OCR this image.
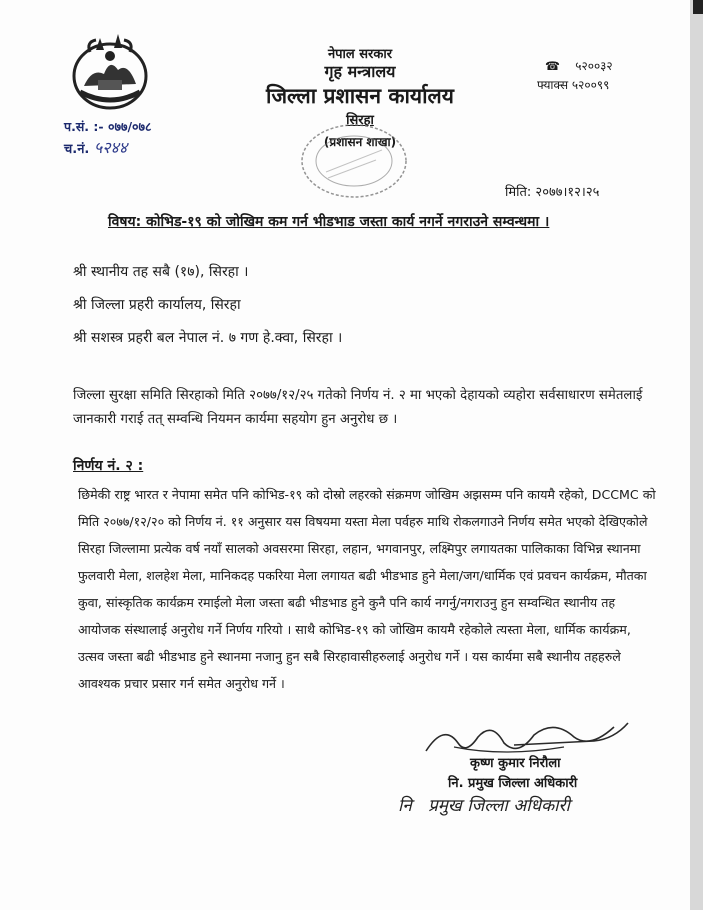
प.सं. :- ०७७/०७८
च.नं. ५२४४
नेपाल सरकार
गृह मन्त्रालय
जिल्ला प्रशासन कार्यालय
सिरहा
(प्रशासन शाखा)
☎ ५२००३२
फ्याक्स ५२००९९
मिति: २०७७।१२।२५
विषय: कोभिड-१९ को जोखिम कम गर्न भीडभाड जस्ता कार्य नगर्ने नगराउने सम्वन्धमा ।
श्री स्थानीय तह सबै (१७), सिरहा ।
श्री जिल्ला प्रहरी कार्यालय, सिरहा
श्री सशस्त्र प्रहरी बल नेपाल नं. ७ गण हे.क्वा, सिरहा ।
जिल्ला सुरक्षा समिति सिरहाको मिति २०७७/१२/२५ गतेको निर्णय नं. २ मा भएको देहायको व्यहोरा सर्वसाधारण समेतलाई जानकारी गराई तत् सम्वन्धि नियमन कार्यमा सहयोग हुन अनुरोध छ ।
निर्णय नं. २ :
छिमेकी राष्ट्र भारत र नेपामा समेत पनि कोभिड-१९ को दोस्रो लहरको संक्रमण जोखिम अझसम्म पनि कायमै रहेको, DCCMC को मिति २०७७/१२/२० को निर्णय नं. ११ अनुसार यस विषयमा यस्ता मेला पर्वहरु माथि रोकलगाउने निर्णय समेत भएको देखिएकोले सिरहा जिल्लामा प्रत्येक वर्ष नयाँ सालको अवसरमा सिरहा, लहान, भगवानपुर, लक्ष्मिपुर लगायतका पालिकाका विभिन्न स्थानमा फुलवारी मेला, शलहेश मेला, मानिकदह पकरिया मेला लगायत बढी भीडभाड हुने मेला/जग/धार्मिक एवं प्रवचन कार्यक्रम, मौतका कुवा, सांस्कृतिक कार्यक्रम रमाईलो मेला जस्ता बढी भीडभाड हुने कुनै पनि कार्य नगर्नु/नगराउनु हुन सम्वन्धित स्थानीय तह आयोजक संस्थालाई अनुरोध गर्ने निर्णय गरियो । साथै कोभिड-१९ को जोखिम कायमै रहेकोले त्यस्ता मेला, धार्मिक कार्यक्रम, उत्सव जस्ता बढी भीडभाड हुने स्थानमा नजानु हुन सबै सिरहावासीहरुलाई अनुरोध गर्ने । यस कार्यमा सबै स्थानीय तहहरुले आवश्यक प्रचार प्रसार गर्न समेत अनुरोध गर्ने ।
कृष्ण कुमार निरौला
नि. प्रमुख जिल्ला अधिकारी
नि प्रमुख जिल्ला अधिकारी
